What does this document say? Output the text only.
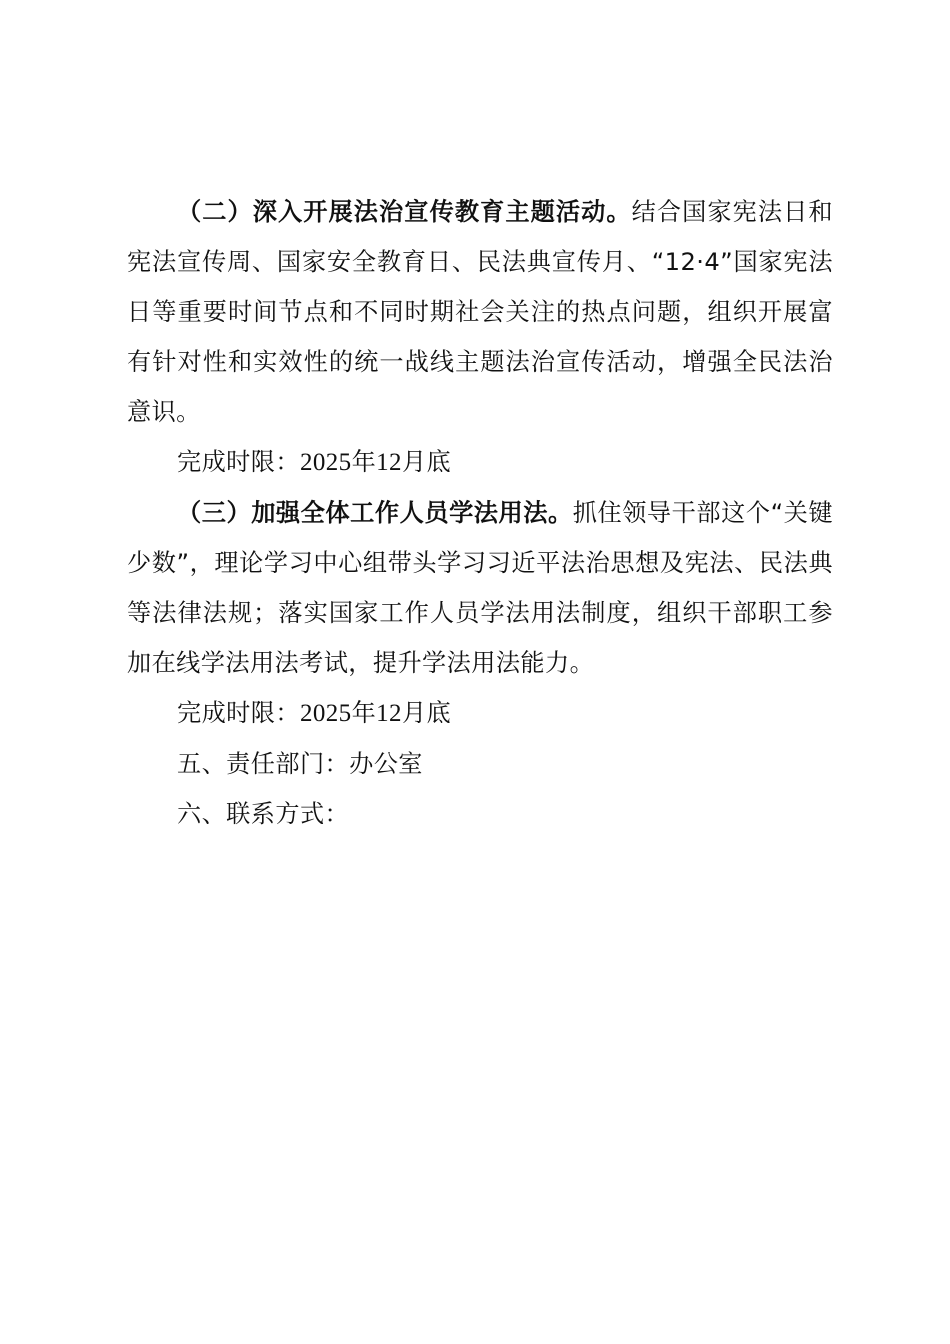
（二）深入开展法治宣传教育主题活动。结合国家宪法日和宪法宣传周、国家安全教育日、民法典宣传月、“12·4”国家宪法日等重要时间节点和不同时期社会关注的热点问题，组织开展富有针对性和实效性的统一战线主题法治宣传活动，增强全民法治意识。

完成时限：2025年12月底

（三）加强全体工作人员学法用法。抓住领导干部这个“关键少数”，理论学习中心组带头学习习近平法治思想及宪法、民法典等法律法规；落实国家工作人员学法用法制度，组织干部职工参加在线学法用法考试，提升学法用法能力。

完成时限：2025年12月底

五、责任部门：办公室

六、联系方式：
